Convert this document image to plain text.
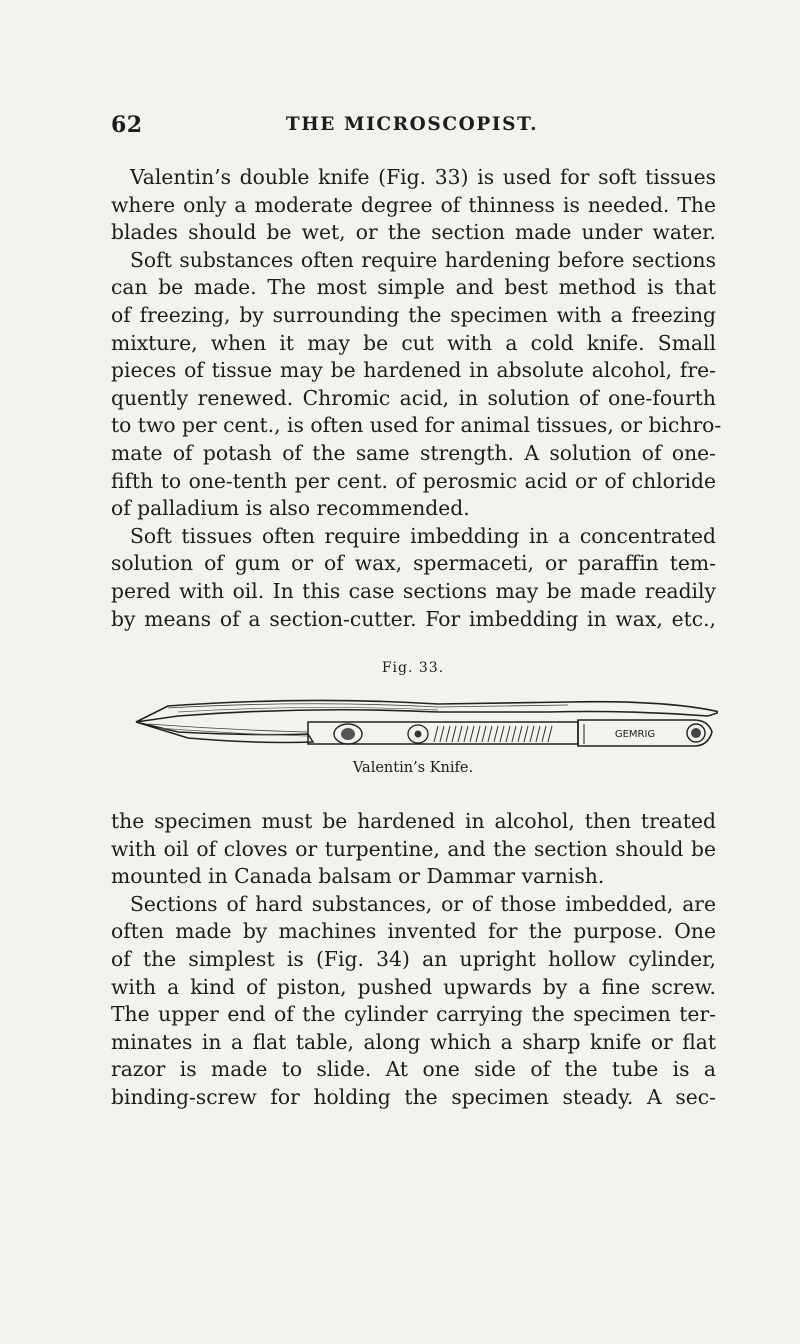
62	THE MICROSCOPIST.
Valentin’s double knife (Fig. 33) is used for soft tissues
where only a moderate degree of thinness is needed. The
blades should be wet, or the section made under water.
Soft substances often require hardening before sections
can be made. The most simple and best method is that
of freezing, by surrounding the specimen with a freezing
mixture, when it may be cut with a cold knife. Small
pieces of tissue may be hardened in absolute alcohol, fre-
quently renewed. Chromic acid, in solution of one-fourth
to two per cent., is often used for animal tissues, or bichro-
mate of potash of the same strength. A solution of one-
fifth to one-tenth per cent. of perosmic acid or of chloride
of palladium is also recommended.
Soft tissues often require imbedding in a concentrated
solution of gum or of wax, spermaceti, or paraffin tem-
pered with oil. In this case sections may be made readily
by means of a section-cutter. For imbedding in wax, etc.,
Fig. 33.
GEMRIG
Valentin’s Knife.
the specimen must be hardened in alcohol, then treated
with oil of cloves or turpentine, and the section should be
mounted in Canada balsam or Dammar varnish.
Sections of hard substances, or of those imbedded, are
often made by machines invented for the purpose. One
of the simplest is (Fig. 34) an upright hollow cylinder,
with a kind of piston, pushed upwards by a fine screw.
The upper end of the cylinder carrying the specimen ter-
minates in a flat table, along which a sharp knife or flat
razor is made to slide. At one side of the tube is a
binding-screw for holding the specimen steady. A sec-
